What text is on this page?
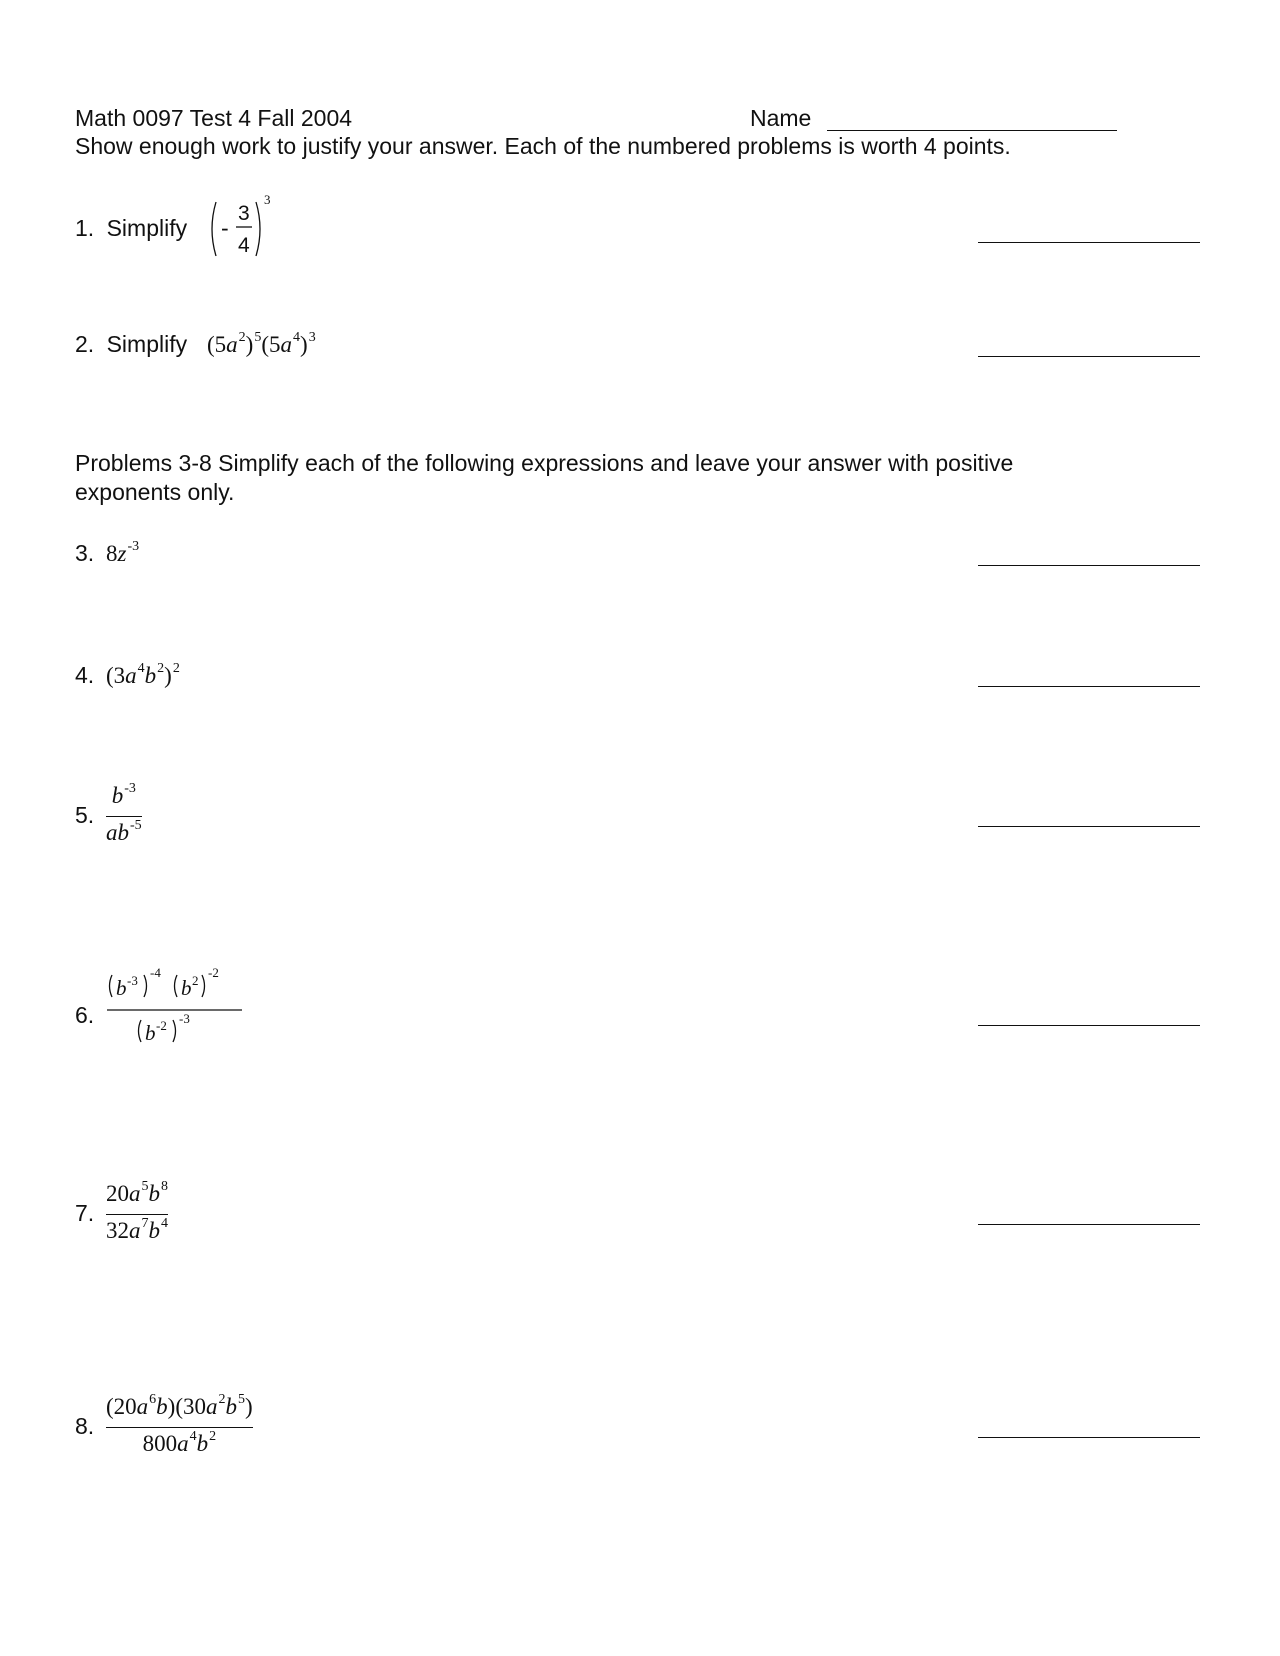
Math 0097 Test 4 Fall 2004	Name
Show enough work to justify your answer. Each of the numbered problems is worth 4 points.
1. Simplify -
3
4
3
2. Simplify $(5a^2)^5(5a^4)^3$
Problems 3-8 Simplify each of the following expressions and leave your answer with positive
exponents only.
3. $8z^{-3}$
4. $(3a^4b^2)^2$
5.
$b^{-3}$
$ab^{-5}$
6.
b -3
-4
b 2
-2
b -2 -3
7.
$20a^5b^8$
$32a^7b^4$
8.
$(20a^6b)(30a^2b^5)$
$800a^4b^2$
